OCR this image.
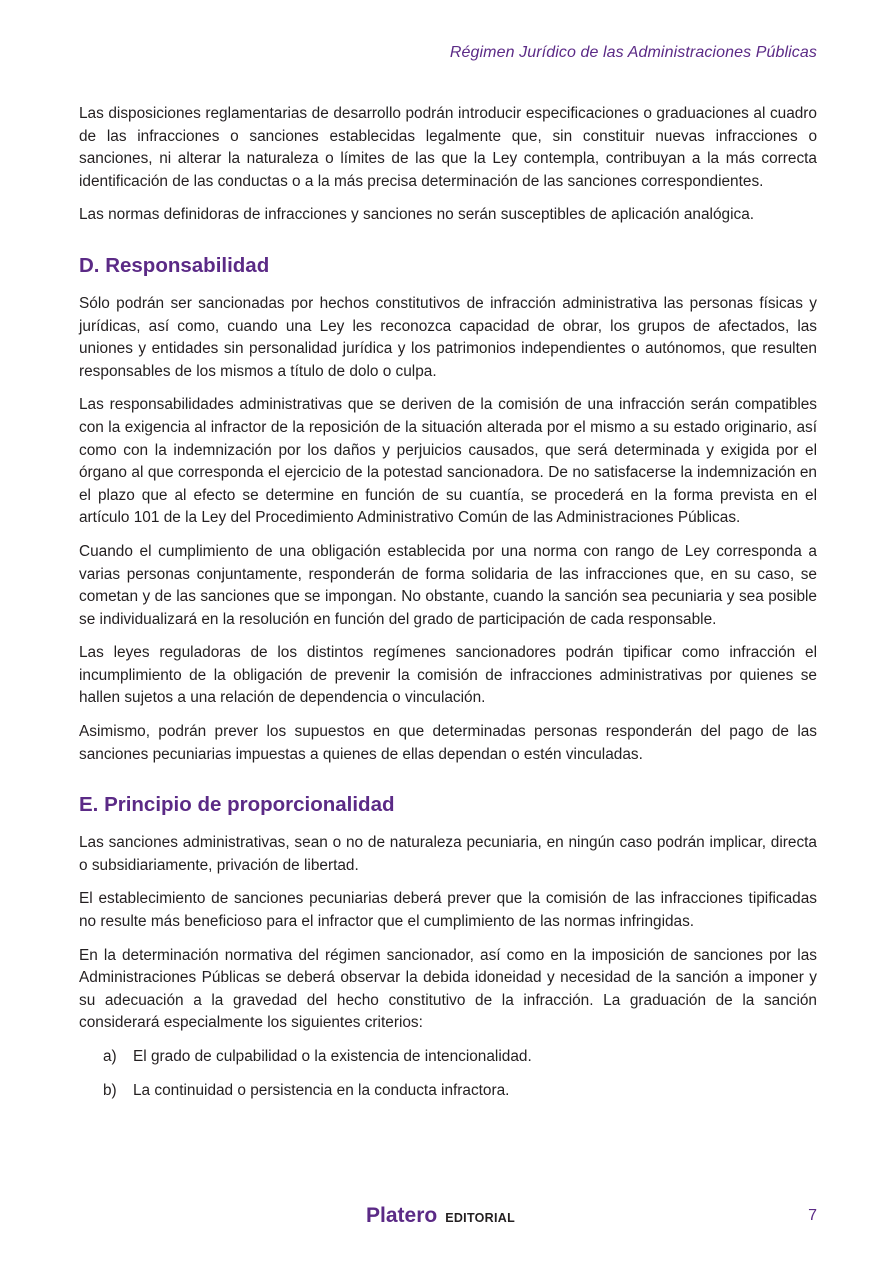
Régimen Jurídico de las Administraciones Públicas

Las disposiciones reglamentarias de desarrollo podrán introducir especificaciones o graduaciones al cuadro de las infracciones o sanciones establecidas legalmente que, sin constituir nuevas infracciones o sanciones, ni alterar la naturaleza o límites de las que la Ley contempla, contribuyan a la más correcta identificación de las conductas o a la más precisa determinación de las sanciones correspondientes.

Las normas definidoras de infracciones y sanciones no serán susceptibles de aplicación analógica.

D. Responsabilidad

Sólo podrán ser sancionadas por hechos constitutivos de infracción administrativa las personas físicas y jurídicas, así como, cuando una Ley les reconozca capacidad de obrar, los grupos de afectados, las uniones y entidades sin personalidad jurídica y los patrimonios independientes o autónomos, que resulten responsables de los mismos a título de dolo o culpa.

Las responsabilidades administrativas que se deriven de la comisión de una infracción serán compatibles con la exigencia al infractor de la reposición de la situación alterada por el mismo a su estado originario, así como con la indemnización por los daños y perjuicios causados, que será determinada y exigida por el órgano al que corresponda el ejercicio de la potestad sancionadora. De no satisfacerse la indemnización en el plazo que al efecto se determine en función de su cuantía, se procederá en la forma prevista en el artículo 101 de la Ley del Procedimiento Administrativo Común de las Administraciones Públicas.

Cuando el cumplimiento de una obligación establecida por una norma con rango de Ley corresponda a varias personas conjuntamente, responderán de forma solidaria de las infracciones que, en su caso, se cometan y de las sanciones que se impongan. No obstante, cuando la sanción sea pecuniaria y sea posible se individualizará en la resolución en función del grado de participación de cada responsable.

Las leyes reguladoras de los distintos regímenes sancionadores podrán tipificar como infracción el incumplimiento de la obligación de prevenir la comisión de infracciones administrativas por quienes se hallen sujetos a una relación de dependencia o vinculación.

Asimismo, podrán prever los supuestos en que determinadas personas responderán del pago de las sanciones pecuniarias impuestas a quienes de ellas dependan o estén vinculadas.

E. Principio de proporcionalidad

Las sanciones administrativas, sean o no de naturaleza pecuniaria, en ningún caso podrán implicar, directa o subsidiariamente, privación de libertad.

El establecimiento de sanciones pecuniarias deberá prever que la comisión de las infracciones tipificadas no resulte más beneficioso para el infractor que el cumplimiento de las normas infringidas.

En la determinación normativa del régimen sancionador, así como en la imposición de sanciones por las Administraciones Públicas se deberá observar la debida idoneidad y necesidad de la sanción a imponer y su adecuación a la gravedad del hecho constitutivo de la infracción. La graduación de la sanción considerará especialmente los siguientes criterios:

a)	El grado de culpabilidad o la existencia de intencionalidad.
b)	La continuidad o persistencia en la conducta infractora.
Platero EDITORIAL	7
